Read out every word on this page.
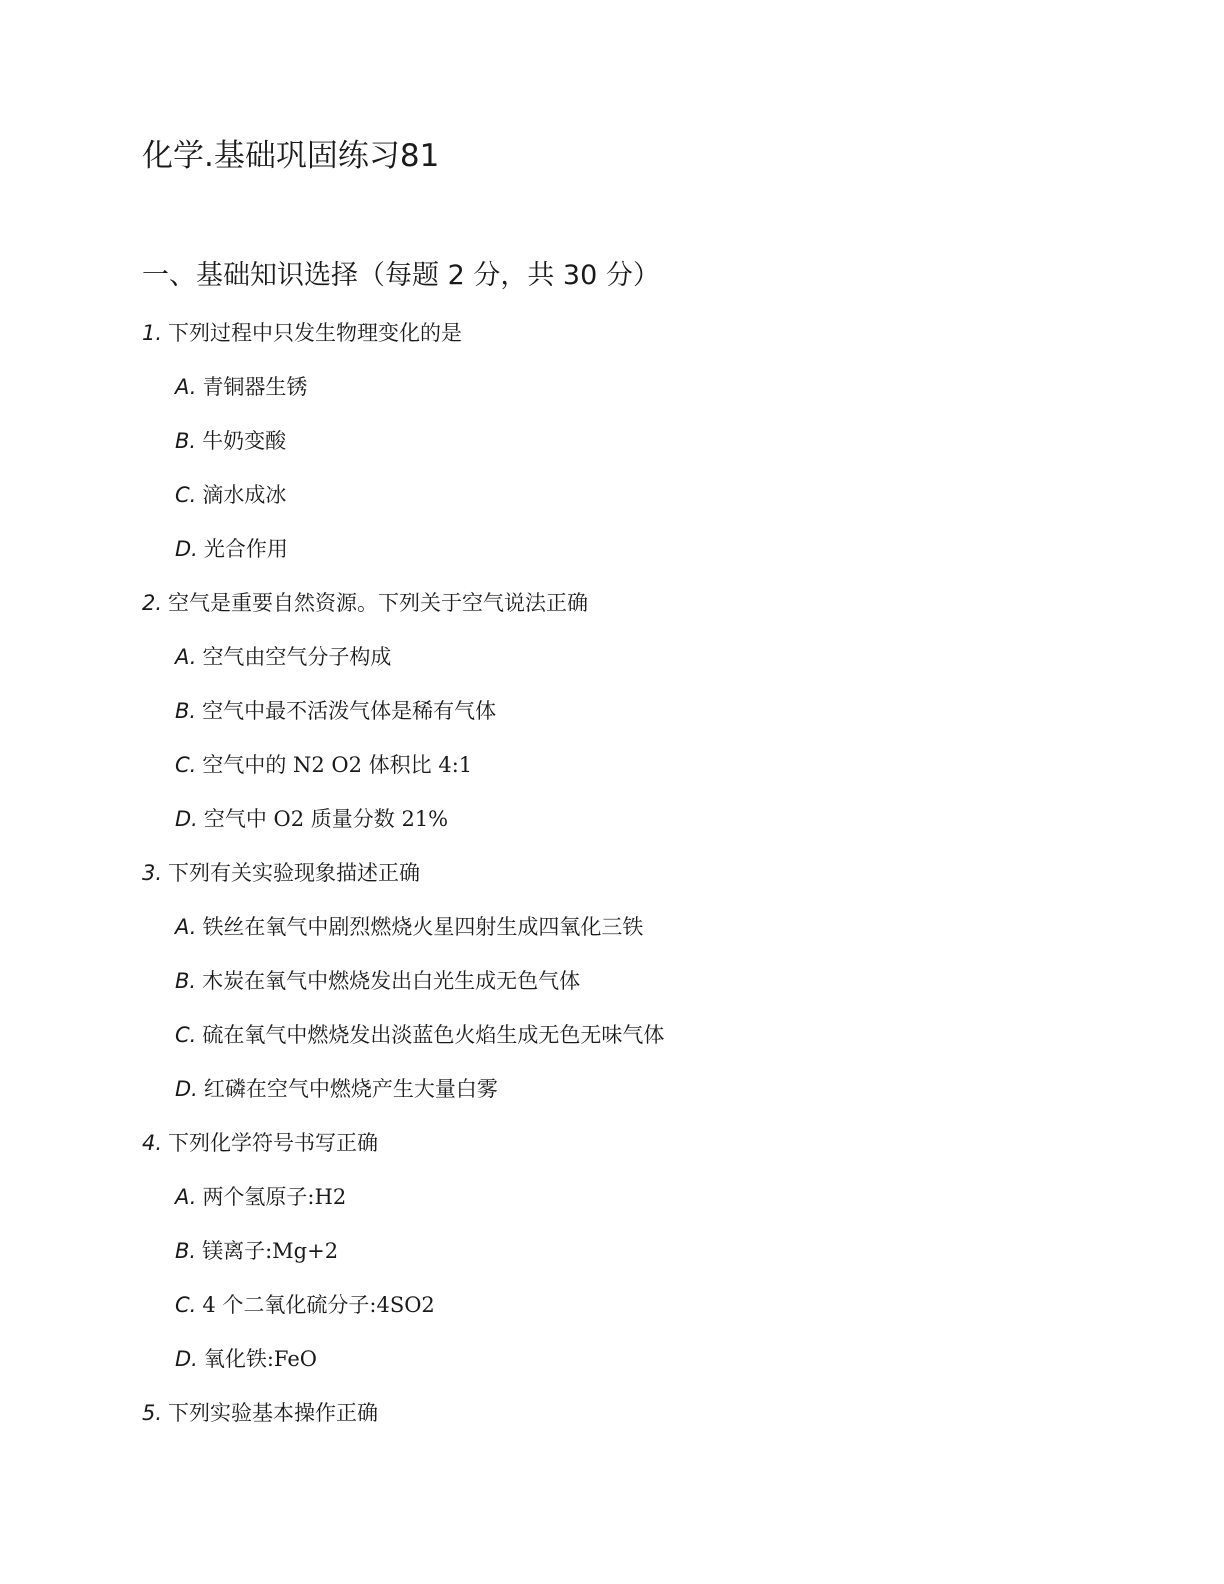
化学.基础巩固练习81
一、基础知识选择（每题 2 分，共 30 分）
1. 下列过程中只发生物理变化的是
A. 青铜器生锈
B. 牛奶变酸
C. 滴水成冰
D. 光合作用
2. 空气是重要自然资源。下列关于空气说法正确
A. 空气由空气分子构成
B. 空气中最不活泼气体是稀有气体
C. 空气中的 N2 O2 体积比 4:1
D. 空气中 O2 质量分数 21%
3. 下列有关实验现象描述正确
A. 铁丝在氧气中剧烈燃烧火星四射生成四氧化三铁
B. 木炭在氧气中燃烧发出白光生成无色气体
C. 硫在氧气中燃烧发出淡蓝色火焰生成无色无味气体
D. 红磷在空气中燃烧产生大量白雾
4. 下列化学符号书写正确
A. 两个氢原子:H2
B. 镁离子:Mg+2
C. 4 个二氧化硫分子:4SO2
D. 氧化铁:FeO
5. 下列实验基本操作正确
